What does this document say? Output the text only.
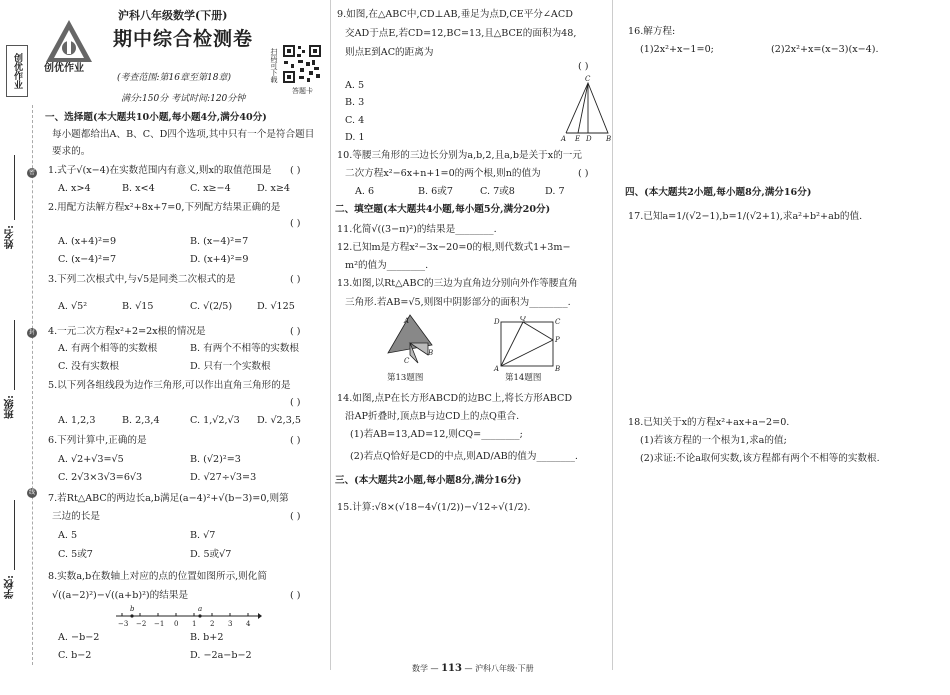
创优作业
密
封
线
姓名:
班级:
学校:
创优作业
沪科八年级数学(下册)
期中综合检测卷
扫码可下载
答题卡
(考查范围:第16章至第18章)
满分:150分 考试时间:120分钟
一、选择题(本大题共10小题,每小题4分,满分40分)
每小题都给出A、B、C、D四个选项,其中只有一个是符合题目
要求的。
1.式子√(x−4)在实数范围内有意义,则x的取值范围是 ( )
A. x>4	B. x<4	C. x≥−4	D. x≥4
2.用配方法解方程x²+8x+7=0,下列配方结果正确的是
( )
A. (x+4)²=9	B. (x−4)²=7
C. (x−4)²=7	D. (x+4)²=9
3.下列二次根式中,与√5是同类二次根式的是	( )
A. √5²	B. √15	C. √(2/5)	D. √125
4.一元二次方程x²+2=2x根的情况是	( )
A. 有两个相等的实数根	B. 有两个不相等的实数根
C. 没有实数根	D. 只有一个实数根
5.以下列各组线段为边作三角形,可以作出直角三角形的是
( )
A. 1,2,3	B. 2,3,4	C. 1,√2,√3 D. √2,3,5
6.下列计算中,正确的是	( )
A. √2+√3=√5	B. (√2)²=3
C. 2√3×3√3=6√3	D. √27÷√3=3
7.若Rt△ABC的两边长a,b满足(a−4)²+√(b−3)=0,则第
三边的长是	( )
A. 5	B. √7
C. 5或7	D. 5或√7
8.实数a,b在数轴上对应的点的位置如图所示,则化简
√((a−2)²)−√((a+b)²)的结果是	( )
−3 −2 −1 0 1 2 3 4
b	a
A. −b−2	B. b+2
C. b−2	D. −2a−b−2
9.如图,在△ABC中,CD⊥AB,垂足为点D,CE平分∠ACD
交AD于点E,若CD=12,BC=13,且△BCE的面积为48,
则点E到AC的距离为
( )
A. 5
B. 3
C. 4
D. 1
C
A E D B
10.等腰三角形的三边长分别为a,b,2,且a,b是关于x的一元
二次方程x²−6x+n+1=0的两个根,则n的值为	( )
A. 6	B. 6或7	C. 7或8	D. 7
二、填空题(本大题共4小题,每小题5分,满分20分)
11.化简√((3−π)²)的结果是________.
12.已知m是方程x²−3x−20=0的根,则代数式1+3m−
m²的值为________.
13.如图,以Rt△ABC的三边为直角边分别向外作等腰直角
三角形.若AB=√5,则图中阴影部分的面积为________.
A
C
B
第13题图
D	Q	C
P
A	B
第14题图
14.如图,点P在长方形ABCD的边BC上,将长方形ABCD
沿AP折叠时,顶点B与边CD上的点Q重合.
(1)若AB=13,AD=12,则CQ=________;
(2)若点Q恰好是CD的中点,则AD/AB的值为________.
三、(本大题共2小题,每小题8分,满分16分)
15.计算:√8×(√18−4√(1/2))−√12÷√(1/2).
16.解方程:
(1)2x²+x−1=0;	(2)2x²+x=(x−3)(x−4).
四、(本大题共2小题,每小题8分,满分16分)
17.已知a=1/(√2−1),b=1/(√2+1),求a²+b²+ab的值.
18.已知关于x的方程x²+ax+a−2=0.
(1)若该方程的一个根为1,求a的值;
(2)求证:不论a取何实数,该方程都有两个不相等的实数根.
数学 — 113 — 沪科八年级·下册
